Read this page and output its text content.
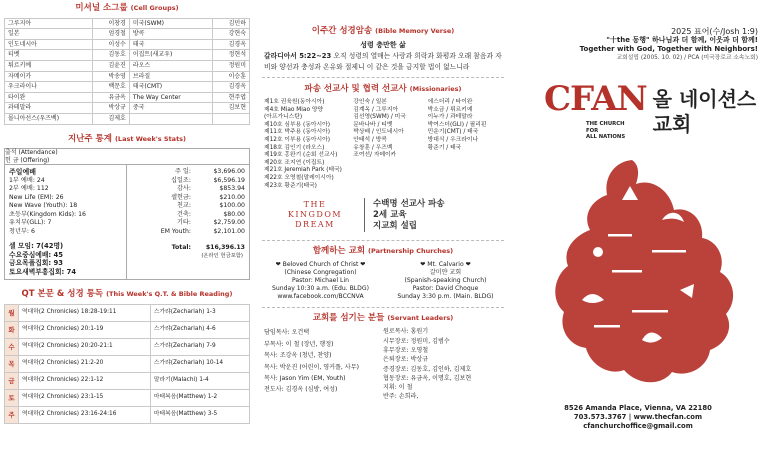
미셔널 소그룹 (Cell Groups)
그루지아	이창경	미국(SWM)	김민하
일본	엄경철	방콕	강현숙
인도네시아	이성수	태국	김경옥
티벳	김동호	이집트(새교우)	정현석
튀르키예	김윤진	라오스	정원미
자메이카	박송영	브라질	이승훈
우크라이나	백문호	태국(CMT)	김경옥
타이완	유금옥	The Way Center	현주엽
과테말라	박상규	중국	김보현
몰니아선스(우즈벡)	김제호		
지난주 통계 (Last Week's Stats)
출석 (Attendance)
헌 금 (Offering)
주일예배
1부 예배: 24
2부 예배: 112
New Life (EM): 26
New Wave (Youth): 18
초등부(Kingdom Kids): 16
유치부(GLL): 7
청년부: 6
셀 모임: 7(42명)
수요중심예배: 45
금요목폴집회: 93
토요새벽부흥집회: 74
주 일:	$3,696.00
십일조:	$6,596.19
감사:	$853.94
셀헌금:	$210.00
친교:	$100.00
건축:	$80.00
기타:	$2,759.00
EM Youth:	$2,101.00
Total:	$16,396.13
(온라인 헌금포함)
QT 본문 & 성경 통독 (This Week's Q.T. & Bible Reading)
월	역대하(2 Chronicles) 18:28-19:11	스가랴(Zechariah) 1-3
화	역대하(2 Chronicles) 20:1-19	스가랴(Zechariah) 4-6
수	역대하(2 Chronicles) 20:20-21:1	스가랴(Zechariah) 7-9
목	역대하(2 Chronicles) 21:2-20	스가랴(Zechariah) 10-14
금	역대하(2 Chronicles) 22:1-12	말라기(Malachi) 1-4
토	역대하(2 Chronicles) 23:1-15	마태복음(Matthew) 1-2
주	역대하(2 Chronicles) 23:16-24:16	마태복음(Matthew) 3-5
이주간 성경암송 (Bible Memory Verse)
성령 충만한 삶
갈라디아서 5:22~23 오직 성령의 열매는 사랑과 희락과 화평과 오래 참음과 자비와 양선과 충성과 온유와 절제니 이 같은 것을 금지할 법이 없느니라
파송 선교사 및 협력 선교사 (Missionaries)
제1호 권육원(동아시아)
제4호 Miao Miao 양양
(아프가니스탄)
제10호 심부용 (동아시아)
제11호 박주용 (동아시아)
제12호 이부용 (동아시아)
제18호 김인기 (라오스)
제19호 홍완기 (순회 선교사)
제20호 조지연 (이집트)
제21호 Jeremiah Park (태국)
제22호 오영철(말레이시아)
제23호 황준기(태국)
강인숙 / 일본
김계옥 / 그루지아
김선영(SWM) / 미국
문바나바 / 티벳
박상배 / 인도네시아
안태석 / 방콕
유창훈 / 우즈벡
조여선/ 자메이카
에스더리 / 타이완
박소금 / 튀르키예
이누가 / 과테말라
박여스더(GLI) / 필리핀
민운기(CMT) / 태국
방대식 / 우크라이나
황준기 / 태국
THE
KINGDOM
DREAM
수백명 선교사 파송
2세 교육
지교회 설립
함께하는 교회 (Partnership Churches)
❤ Beloved Church of Christ ❤
(Chinese Congregation)
Pastor: Michael Lin
Sunday 10:30 a.m. (Edu. BLDG)
www.facebook.com/BCCNVA
❤ Mt. Calvario ❤
갈미얀 교회
(Spanish-speaking Church)
Pastor: David Choque
Sunday 3:30 p.m. (Main. BLDG)
교회를 섬기는 분들 (Servant Leaders)
담임목사: 오건택
부목사: 이 철 (장년, 행정)
목사: 조강옥 (청년, 찬양)
목사: 박운진 (어린이, 영커플, 사무)
목사: Jason Yim (EM, Youth)
전도사: 김경옥 (심방, 여성)
원로목사: 홍원기
시무장로: 정원미, 김범수
휴무장로: 오영철
은퇴장로: 박상규
증경장로: 김동호, 김인하, 김제호
협동장로: 유금옥, 이명호, 김보현
지휘: 이 철
반주: 손희라,
2025 표어(수/Josh 1:9)
"十the 동행" 하나님과 더 함께, 이웃과 더 함께!
Together with God, Together with Neighbors!
교회설립 (2005. 10. 02) / PCA (미국장로교 소속노회)
CFAN 올 네이션스 교회
THE CHURCH
FOR
ALL NATIONS
8526 Amanda Place, Vienna, VA 22180
703.573.3767 | www.thecfan.com
cfanchurchoffice@gmail.com
